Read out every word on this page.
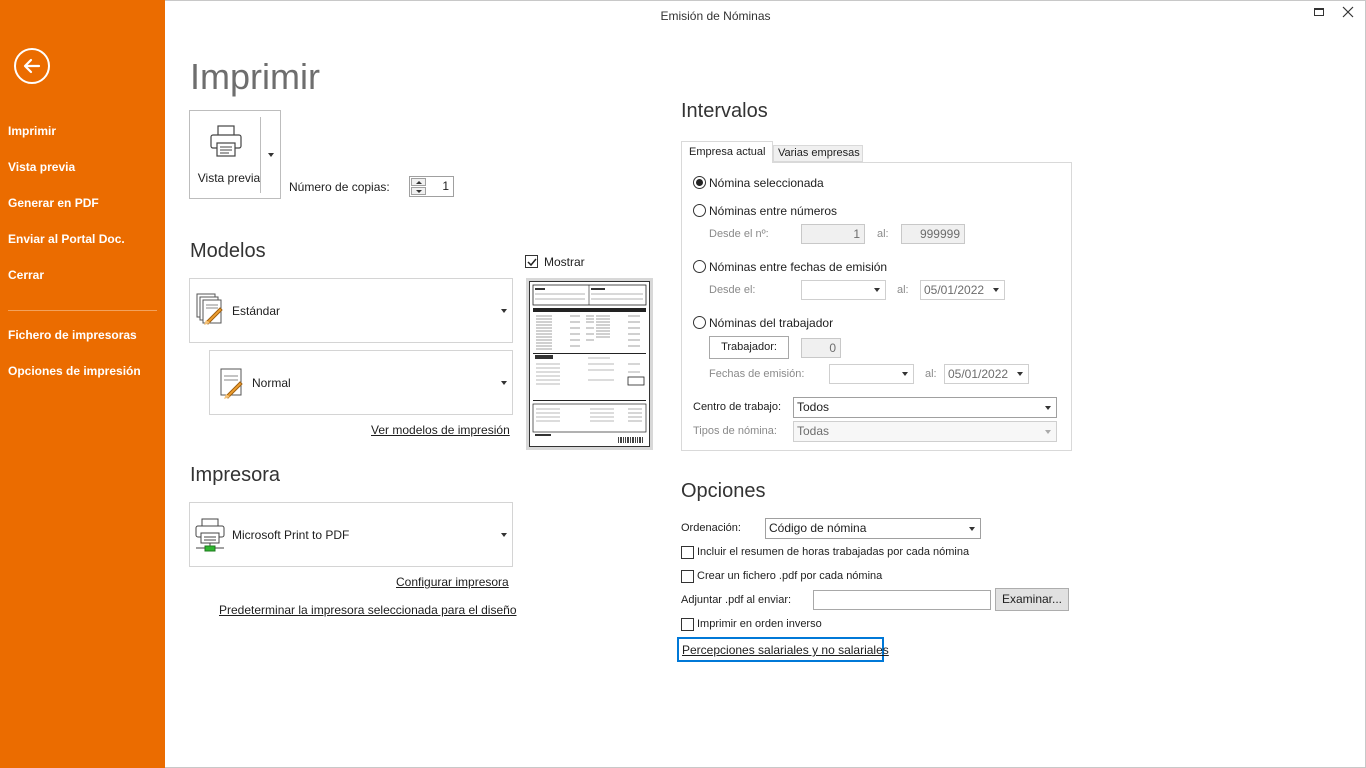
Imprimir
Vista previa
Generar en PDF
Enviar al Portal Doc.
Cerrar
Fichero de impresoras
Opciones de impresión
Emisión de Nóminas
Imprimir
Vista previa
Número de copias:	1
Modelos	Mostrar
Estándar
Normal
Ver modelos de impresión
Impresora
Microsoft Print to PDF
Configurar impresora
Predeterminar la impresora seleccionada para el diseño
Intervalos
Empresa actual	Varias empresas
Nómina seleccionada
Nóminas entre números
Desde el nº:	1	al:	999999
Nóminas entre fechas de emisión
Desde el:	al:	05/01/2022
Nóminas del trabajador
Trabajador:	0
Fechas de emisión:	al: 05/01/2022
Centro de trabajo:	Todos
Tipos de nómina:	Todas
Opciones
Ordenación:	Código de nómina
Incluir el resumen de horas trabajadas por cada nómina
Crear un fichero .pdf por cada nómina
Adjuntar .pdf al enviar:	Examinar...
Imprimir en orden inverso
Percepciones salariales y no salariales
